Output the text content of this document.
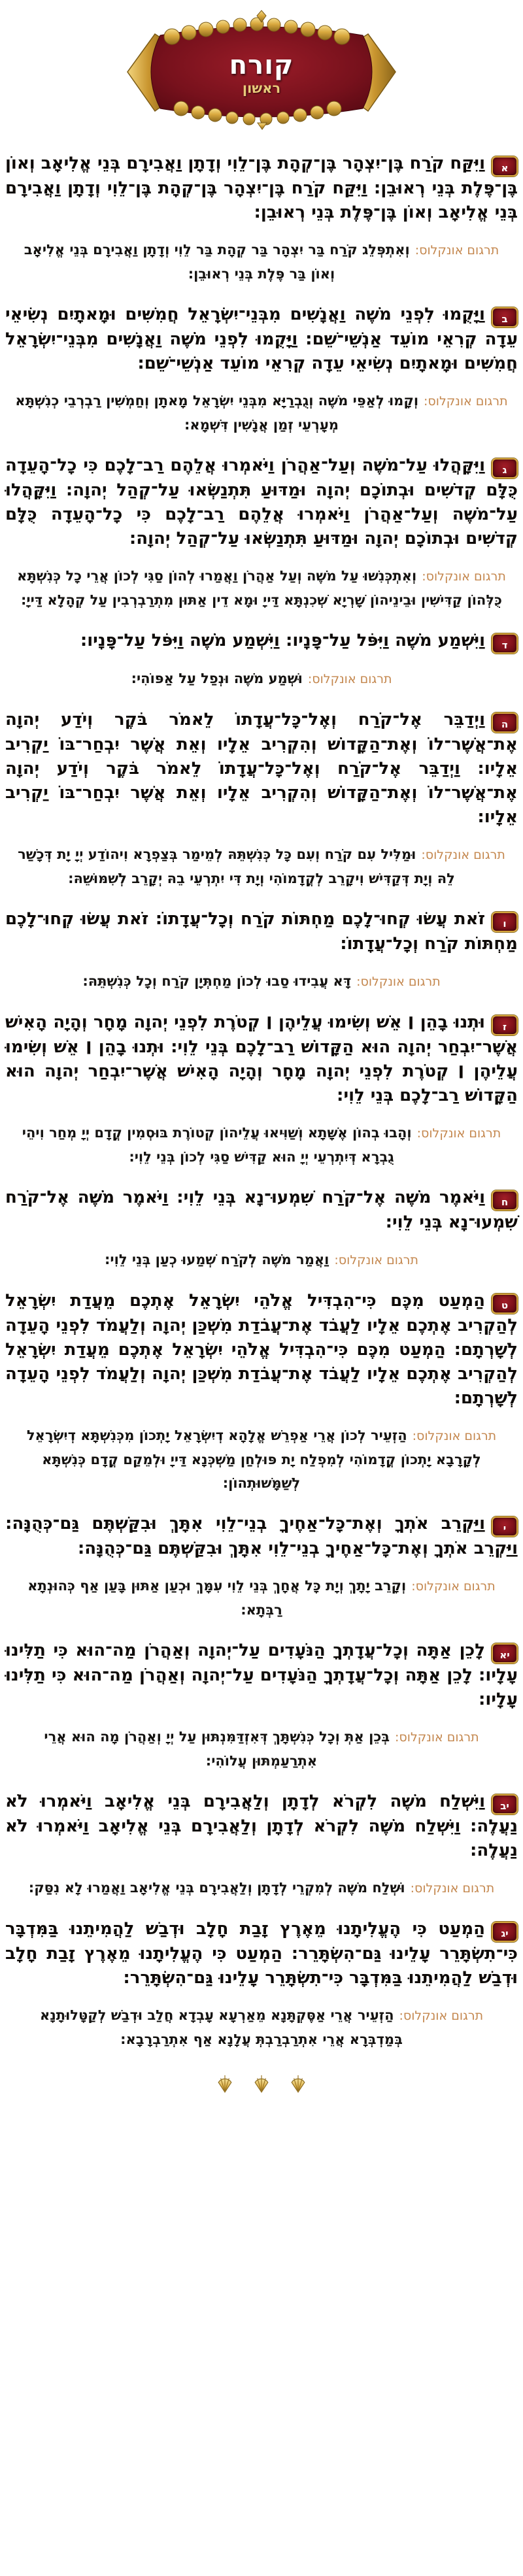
קורח
ראשון

אוַיִּקַּח קֹרַח בֶּן־יִצְהָר בֶּן־קְהָת בֶּן־לֵוִי וְדָתָן וַאֲבִירָם בְּנֵי אֱלִיאָב וְאוֹן בֶּן־פֶּלֶת בְּנֵי רְאוּבֵן: וַיִּקַּח קֹרַח בֶּן־יִצְהָר בֶּן־קְהָת בֶּן־לֵוִי וְדָתָן וַאֲבִירָם בְּנֵי אֱלִיאָב וְאוֹן בֶּן־פֶּלֶת בְּנֵי רְאוּבֵן:

תרגום אונקלוס:וְאִתְפְּלֵג קֹרַח בַּר יִצְהָר בַּר קְהָת בַּר לֵוִי וְדָתָן וַאֲבִירָם בְּנֵי אֱלִיאָב וְאוֹן בַּר פֶּלֶת בְּנֵי רְאוּבֵן:

בוַיָּקֻמוּ לִפְנֵי מֹשֶׁה וַאֲנָשִׁים מִבְּנֵי־יִשְׂרָאֵל חֲמִשִּׁים וּמָאתָיִם נְשִׂיאֵי עֵדָה קְרִאֵי מוֹעֵד אַנְשֵׁי־שֵׁם: וַיָּקֻמוּ לִפְנֵי מֹשֶׁה וַאֲנָשִׁים מִבְּנֵי־יִשְׂרָאֵל חֲמִשִּׁים וּמָאתָיִם נְשִׂיאֵי עֵדָה קְרִאֵי מוֹעֵד אַנְשֵׁי־שֵׁם:

תרגום אונקלוס:וְקָמוּ לְאַפֵּי מֹשֶׁה וְגֻבְרַיָּא מִבְּנֵי יִשְׂרָאֵל מָאתָן וְחַמְשִׁין רַבְרְבֵי כְנִשְׁתָּא מְעָרְעֵי זְמַן אֲנָשִׁין דִּשְׁמָא:

גוַיִּקָּהֲלוּ עַל־מֹשֶׁה וְעַל־אַהֲרֹן וַיֹּאמְרוּ אֲלֵהֶם רַב־לָכֶם כִּי כָל־הָעֵדָה כֻּלָּם קְדֹשִׁים וּבְתוֹכָם יְהוָה וּמַדּוּעַ תִּתְנַשְּׂאוּ עַל־קְהַל יְהוָה: וַיִּקָּהֲלוּ עַל־מֹשֶׁה וְעַל־אַהֲרֹן וַיֹּאמְרוּ אֲלֵהֶם רַב־לָכֶם כִּי כָל־הָעֵדָה כֻּלָּם קְדֹשִׁים וּבְתוֹכָם יְהוָה וּמַדּוּעַ תִּתְנַשְּׂאוּ עַל־קְהַל יְהוָה:

תרגום אונקלוס:וְאִתְכְּנִשׁוּ עַל מֹשֶׁה וְעַל אַהֲרֹן וַאֲמַרוּ לְהוֹן סַגִּי לְכוֹן אֲרֵי כָל כְּנִשְׁתָּא כֻּלְּהוֹן קַדִּישִׁין וּבֵינֵיהוֹן שָׁרְיָא שְׁכִנְתָּא דַּייָ וּמָא דֵין אַתּוּן מִתְרַבְרְבִין עַל קְהָלָא דַּייָ:

דוַיִּשְׁמַע מֹשֶׁה וַיִּפֹּל עַל־פָּנָיו: וַיִּשְׁמַע מֹשֶׁה וַיִּפֹּל עַל־פָּנָיו:

תרגום אונקלוס:וּשְׁמַע מֹשֶׁה וּנְפַל עַל אַפּוֹהִי:

הוַיְדַבֵּר אֶל־קֹרַח וְאֶל־כָּל־עֲדָתוֹ לֵאמֹר בֹּקֶר וְיֹדַע יְהוָה אֶת־אֲשֶׁר־לוֹ וְאֶת־הַקָּדוֹשׁ וְהִקְרִיב אֵלָיו וְאֵת אֲשֶׁר יִבְחַר־בּוֹ יַקְרִיב אֵלָיו: וַיְדַבֵּר אֶל־קֹרַח וְאֶל־כָּל־עֲדָתוֹ לֵאמֹר בֹּקֶר וְיֹדַע יְהוָה אֶת־אֲשֶׁר־לוֹ וְאֶת־הַקָּדוֹשׁ וְהִקְרִיב אֵלָיו וְאֵת אֲשֶׁר יִבְחַר־בּוֹ יַקְרִיב אֵלָיו:

תרגום אונקלוס:וּמַלִּיל עִם קֹרַח וְעִם כָּל כְּנִשְׁתֵּהּ לְמֵימַר בְּצַפְרָא וִיהוֹדַע יְיָ יָת דְּכָשַׁר לֵהּ וְיָת דְּקַדִּישׁ וִיקָרֵב לְקֳדָמוֹהִי וְיָת דִּי יִתְרְעֵי בֵהּ יְקָרֵב לְשִׁמּוּשֵׁהּ:

וזֹאת עֲשׂוּ קְחוּ־לָכֶם מַחְתּוֹת קֹרַח וְכָל־עֲדָתוֹ: זֹאת עֲשׂוּ קְחוּ־לָכֶם מַחְתּוֹת קֹרַח וְכָל־עֲדָתוֹ:

תרגום אונקלוס:דָּא עֲבִידוּ סַבוּ לְכוֹן מַחְתְּיָן קֹרַח וְכָל כְּנִשְׁתֵּהּ:

זוּתְנוּ בָהֵן ׀ אֵשׁ וְשִׂימוּ עֲלֵיהֶן ׀ קְטֹרֶת לִפְנֵי יְהוָה מָחָר וְהָיָה הָאִישׁ אֲשֶׁר־יִבְחַר יְהוָה הוּא הַקָּדוֹשׁ רַב־לָכֶם בְּנֵי לֵוִי: וּתְנוּ בָהֵן ׀ אֵשׁ וְשִׂימוּ עֲלֵיהֶן ׀ קְטֹרֶת לִפְנֵי יְהוָה מָחָר וְהָיָה הָאִישׁ אֲשֶׁר־יִבְחַר יְהוָה הוּא הַקָּדוֹשׁ רַב־לָכֶם בְּנֵי לֵוִי:

תרגום אונקלוס:וְהָבוּ בְהוֹן אֶשָּׁתָא וְשַׁוִּיאוּ עֲלֵיהוֹן קְטוֹרֶת בּוּסְמִין קֳדָם יְיָ מְחַר וִיהֵי גֻבְרָא דְּיִתְרְעֵי יְיָ הוּא קַדִּישׁ סַגִּי לְכוֹן בְּנֵי לֵוִי:

חוַיֹּאמֶר מֹשֶׁה אֶל־קֹרַח שִׁמְעוּ־נָא בְּנֵי לֵוִי: וַיֹּאמֶר מֹשֶׁה אֶל־קֹרַח שִׁמְעוּ־נָא בְּנֵי לֵוִי:

תרגום אונקלוס:וַאֲמַר מֹשֶׁה לְקֹרַח שְׁמַעוּ כְעַן בְּנֵי לֵוִי:

טהַמְעַט מִכֶּם כִּי־הִבְדִּיל אֱלֹהֵי יִשְׂרָאֵל אֶתְכֶם מֵעֲדַת יִשְׂרָאֵל לְהַקְרִיב אֶתְכֶם אֵלָיו לַעֲבֹד אֶת־עֲבֹדַת מִשְׁכַּן יְהוָה וְלַעֲמֹד לִפְנֵי הָעֵדָה לְשָׁרְתָם: הַמְעַט מִכֶּם כִּי־הִבְדִּיל אֱלֹהֵי יִשְׂרָאֵל אֶתְכֶם מֵעֲדַת יִשְׂרָאֵל לְהַקְרִיב אֶתְכֶם אֵלָיו לַעֲבֹד אֶת־עֲבֹדַת מִשְׁכַּן יְהוָה וְלַעֲמֹד לִפְנֵי הָעֵדָה לְשָׁרְתָם:

תרגום אונקלוס:הַזְעֵיר לְכוֹן אֲרֵי אַפְרֵשׁ אֱלָהָא דְיִשְׂרָאֵל יָתְכוֹן מִכְּנִשְׁתָּא דְיִשְׂרָאֵל לְקָרָבָא יָתְכוֹן קֳדָמוֹהִי לְמִפְלַח יָת פּוּלְחַן מַשְׁכְּנָא דַּייָ וּלְמֵקַם קֳדָם כְּנִשְׁתָּא לְשַׁמָּשׁוּתְהוֹן:

יוַיַּקְרֵב אֹתְךָ וְאֶת־כָּל־אַחֶיךָ בְנֵי־לֵוִי אִתָּךְ וּבִקַּשְׁתֶּם גַּם־כְּהֻנָּה: וַיַּקְרֵב אֹתְךָ וְאֶת־כָּל־אַחֶיךָ בְנֵי־לֵוִי אִתָּךְ וּבִקַּשְׁתֶּם גַּם־כְּהֻנָּה:

תרגום אונקלוס:וְקָרֵב יָתָךְ וְיָת כָּל אֲחָךְ בְּנֵי לֵוִי עִמָּךְ וּכְעַן אַתּוּן בָּעַן אַף כְּהוּנְתָא רַבְּתָא:

יאלָכֵן אַתָּה וְכָל־עֲדָתְךָ הַנֹּעָדִים עַל־יְהוָה וְאַהֲרֹן מַה־הוּא כִּי תַלִּינוּ עָלָיו: לָכֵן אַתָּה וְכָל־עֲדָתְךָ הַנֹּעָדִים עַל־יְהוָה וְאַהֲרֹן מַה־הוּא כִּי תַלִּינוּ עָלָיו:

תרגום אונקלוס:בְּכֵן אַתְּ וְכָל כְּנִשְׁתָּךְ דְּאִזְדַּמִּנְתּוּן עַל יְיָ וְאַהֲרֹן מָה הוּא אֲרֵי אִתְרַעַמְתּוּן עֲלוֹהִי:

יבוַיִּשְׁלַח מֹשֶׁה לִקְרֹא לְדָתָן וְלַאֲבִירָם בְּנֵי אֱלִיאָב וַיֹּאמְרוּ לֹא נַעֲלֶה: וַיִּשְׁלַח מֹשֶׁה לִקְרֹא לְדָתָן וְלַאֲבִירָם בְּנֵי אֱלִיאָב וַיֹּאמְרוּ לֹא נַעֲלֶה:

תרגום אונקלוס:וּשְׁלַח מֹשֶׁה לְמִקְרֵי לְדָתָן וְלַאֲבִירָם בְּנֵי אֱלִיאָב וַאֲמַרוּ לָא נִסַּק:

יגהַמְעַט כִּי הֶעֱלִיתָנוּ מֵאֶרֶץ זָבַת חָלָב וּדְבַשׁ לַהֲמִיתֵנוּ בַּמִּדְבָּר כִּי־תִשְׂתָּרֵר עָלֵינוּ גַּם־הִשְׂתָּרֵר: הַמְעַט כִּי הֶעֱלִיתָנוּ מֵאֶרֶץ זָבַת חָלָב וּדְבַשׁ לַהֲמִיתֵנוּ בַּמִּדְבָּר כִּי־תִשְׂתָּרֵר עָלֵינוּ גַּם־הִשְׂתָּרֵר:

תרגום אונקלוס:הַזְעֵיר אֲרֵי אַסֶּקְתָּנָא מֵאַרְעָא עָבְדָא חֲלַב וּדְבַשׁ לְקַטָּלוּתָנָא בְּמַדְבְּרָא אֲרֵי אִתְרַבְרַבְתְּ עֲלָנָא אַף אִתְרַבְרָבָא:
